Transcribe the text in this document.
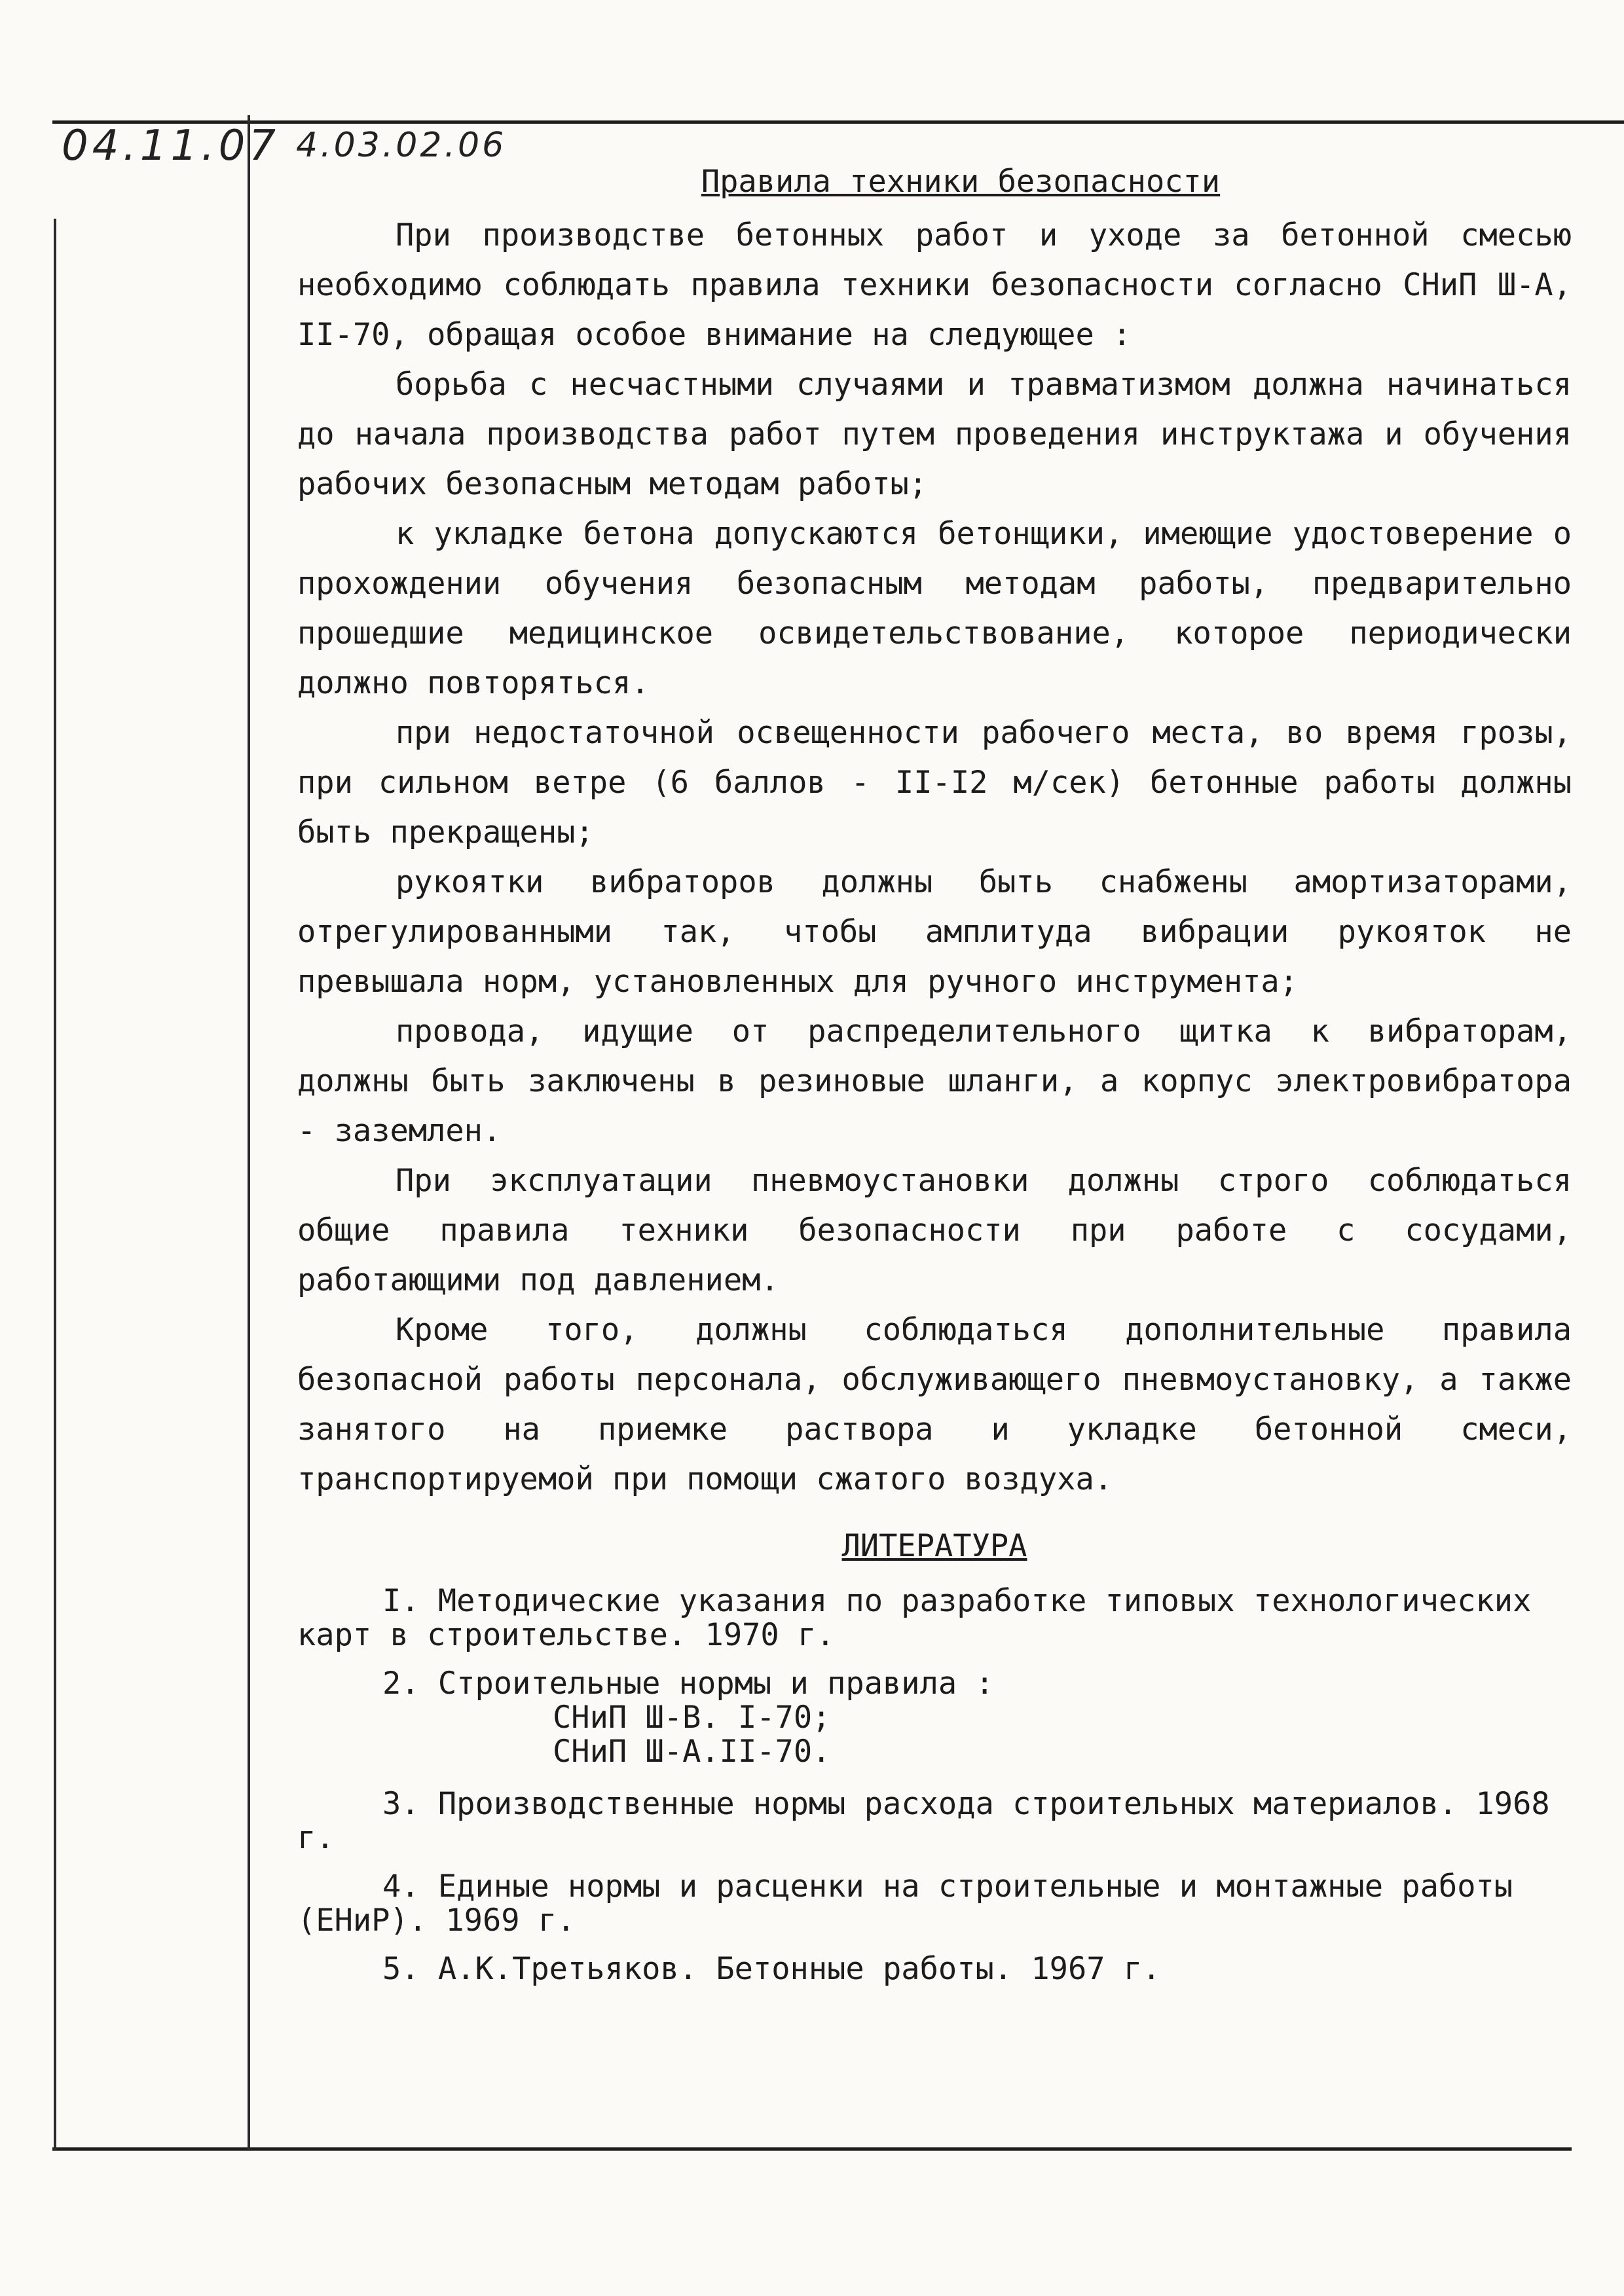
04.11.07 4.03.02.06
Правила техники безопасности

При производстве бетонных работ и уходе за бетонной смесью необходимо соблюдать правила техники безопасности согласно СНиП Ш-А, II-70, обращая особое внимание на следующее :

борьба с несчастными случаями и травматизмом должна начинаться до начала производства работ путем проведения инструктажа и обучения рабочих безопасным методам работы;

к укладке бетона допускаются бетонщики, имеющие удостоверение о прохождении обучения безопасным методам работы, предварительно прошедшие медицинское освидетельствование, которое периодически должно повторяться.

при недостаточной освещенности рабочего места, во время грозы, при сильном ветре (6 баллов - II-I2 м/сек) бетонные работы должны быть прекращены;

рукоятки вибраторов должны быть снабжены амортизаторами, отрегулированными так, чтобы амплитуда вибрации рукояток не превышала норм, установленных для ручного инструмента;

провода, идущие от распределительного щитка к вибраторам, должны быть заключены в резиновые шланги, а корпус электровибратора - заземлен.

При эксплуатации пневмоустановки должны строго соблюдаться общие правила техники безопасности при работе с сосудами, работающими под давлением.

Кроме того, должны соблюдаться дополнительные правила безопасной работы персонала, обслуживающего пневмоустановку, а также занятого на приемке раствора и укладке бетонной смеси, транспортируемой при помощи сжатого воздуха.

ЛИТЕРАТУРА
I. Методические указания по разработке типовых технологических карт в строительстве. 1970 г.
2. Строительные нормы и правила :
СНиП Ш-В. I-70;
СНиП Ш-А.II-70.
3. Производственные нормы расхода строительных материалов. 1968 г.
4. Единые нормы и расценки на строительные и монтажные работы (ЕНиР). 1969 г.
5. А.К.Третьяков. Бетонные работы. 1967 г.
